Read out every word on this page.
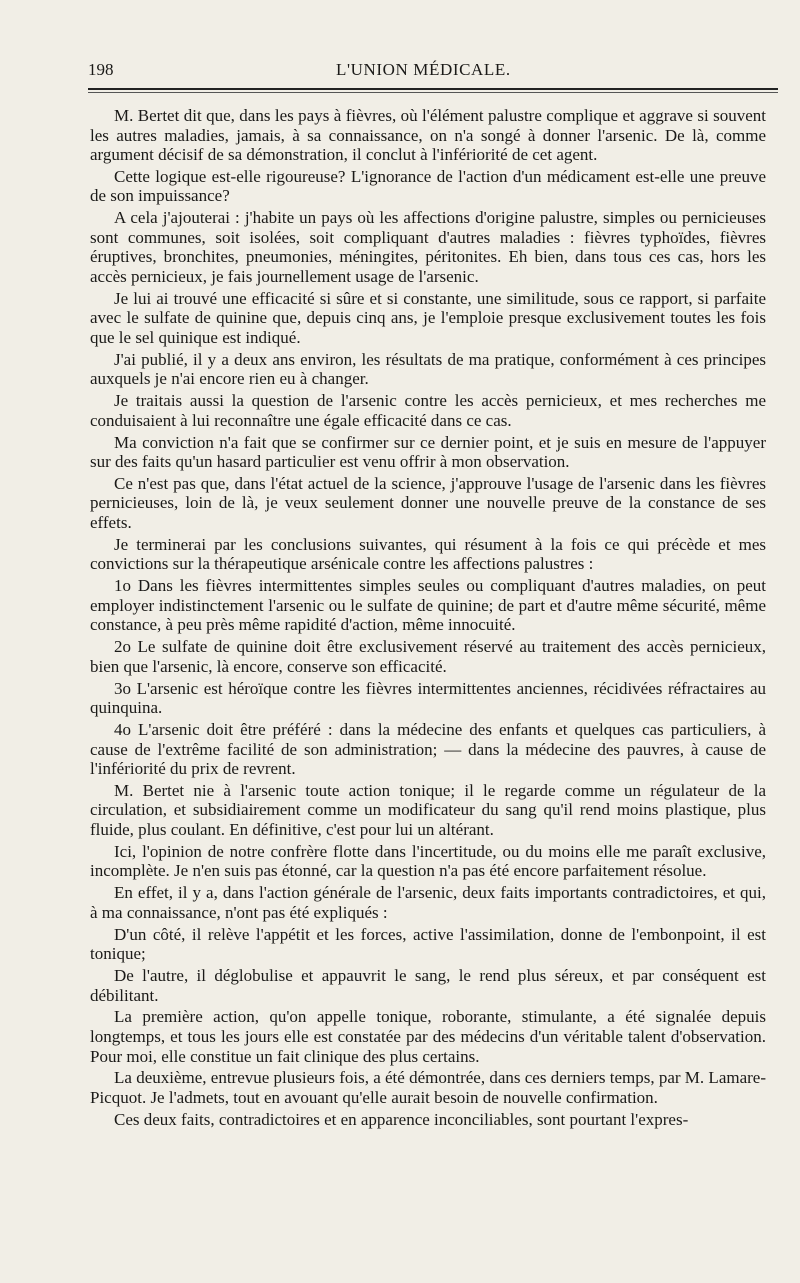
198	L'UNION MÉDICALE.

M. Bertet dit que, dans les pays à fièvres, où l'élément palustre complique et aggrave si souvent les autres maladies, jamais, à sa connaissance, on n'a songé à donner l'arsenic. De là, comme argument décisif de sa démonstration, il conclut à l'infériorité de cet agent.

Cette logique est-elle rigoureuse? L'ignorance de l'action d'un médicament est-elle une preuve de son impuissance?

A cela j'ajouterai : j'habite un pays où les affections d'origine palustre, simples ou pernicieuses sont communes, soit isolées, soit compliquant d'autres maladies : fièvres typhoïdes, fièvres éruptives, bronchites, pneumonies, méningites, péritonites. Eh bien, dans tous ces cas, hors les accès pernicieux, je fais journellement usage de l'arsenic.

Je lui ai trouvé une efficacité si sûre et si constante, une similitude, sous ce rapport, si parfaite avec le sulfate de quinine que, depuis cinq ans, je l'emploie presque exclusivement toutes les fois que le sel quinique est indiqué.

J'ai publié, il y a deux ans environ, les résultats de ma pratique, conformément à ces principes auxquels je n'ai encore rien eu à changer.

Je traitais aussi la question de l'arsenic contre les accès pernicieux, et mes recherches me conduisaient à lui reconnaître une égale efficacité dans ce cas.

Ma conviction n'a fait que se confirmer sur ce dernier point, et je suis en mesure de l'appuyer sur des faits qu'un hasard particulier est venu offrir à mon observation.

Ce n'est pas que, dans l'état actuel de la science, j'approuve l'usage de l'arsenic dans les fièvres pernicieuses, loin de là, je veux seulement donner une nouvelle preuve de la constance de ses effets.

Je terminerai par les conclusions suivantes, qui résument à la fois ce qui précède et mes convictions sur la thérapeutique arsénicale contre les affections palustres :

1o Dans les fièvres intermittentes simples seules ou compliquant d'autres maladies, on peut employer indistinctement l'arsenic ou le sulfate de quinine; de part et d'autre même sécurité, même constance, à peu près même rapidité d'action, même innocuité.

2o Le sulfate de quinine doit être exclusivement réservé au traitement des accès pernicieux, bien que l'arsenic, là encore, conserve son efficacité.

3o L'arsenic est héroïque contre les fièvres intermittentes anciennes, récidivées réfractaires au quinquina.

4o L'arsenic doit être préféré : dans la médecine des enfants et quelques cas particuliers, à cause de l'extrême facilité de son administration; — dans la médecine des pauvres, à cause de l'infériorité du prix de revrent.

M. Bertet nie à l'arsenic toute action tonique; il le regarde comme un régulateur de la circulation, et subsidiairement comme un modificateur du sang qu'il rend moins plastique, plus fluide, plus coulant. En définitive, c'est pour lui un altérant.

Ici, l'opinion de notre confrère flotte dans l'incertitude, ou du moins elle me paraît exclusive, incomplète. Je n'en suis pas étonné, car la question n'a pas été encore parfaitement résolue.

En effet, il y a, dans l'action générale de l'arsenic, deux faits importants contradictoires, et qui, à ma connaissance, n'ont pas été expliqués :

D'un côté, il relève l'appétit et les forces, active l'assimilation, donne de l'embonpoint, il est tonique;

De l'autre, il déglobulise et appauvrit le sang, le rend plus séreux, et par conséquent est débilitant.

La première action, qu'on appelle tonique, roborante, stimulante, a été signalée depuis longtemps, et tous les jours elle est constatée par des médecins d'un véritable talent d'observation. Pour moi, elle constitue un fait clinique des plus certains.

La deuxième, entrevue plusieurs fois, a été démontrée, dans ces derniers temps, par M. Lamare-Picquot. Je l'admets, tout en avouant qu'elle aurait besoin de nouvelle confirmation.

Ces deux faits, contradictoires et en apparence inconciliables, sont pourtant l'expres-
